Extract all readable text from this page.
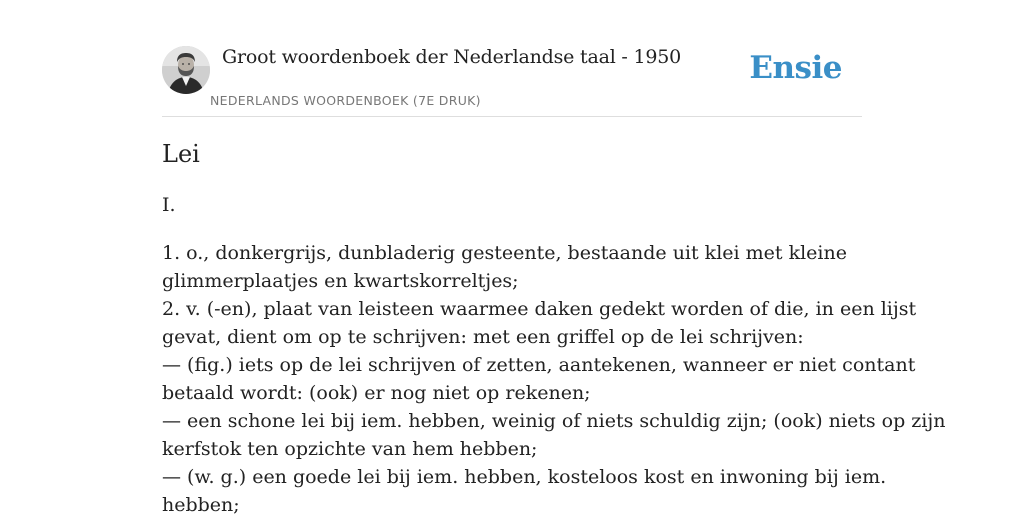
Groot woordenboek der Nederlandse taal - 1950
NEDERLANDS WOORDENBOEK (7E DRUK)
Ensie
Lei
I.
1. o., donkergrijs, dunbladerig gesteente, bestaande uit klei met kleine
glimmerplaatjes en kwartskorreltjes;
2. v. (-en), plaat van leisteen waarmee daken gedekt worden of die, in een lijst
gevat, dient om op te schrijven: met een griffel op de lei schrijven:
— (fig.) iets op de lei schrijven of zetten, aantekenen, wanneer er niet contant
betaald wordt: (ook) er nog niet op rekenen;
— een schone lei bij iem. hebben, weinig of niets schuldig zijn; (ook) niets op zijn
kerfstok ten opzichte van hem hebben;
— (w. g.) een goede lei bij iem. hebben, kosteloos kost en inwoning bij iem.
hebben;
